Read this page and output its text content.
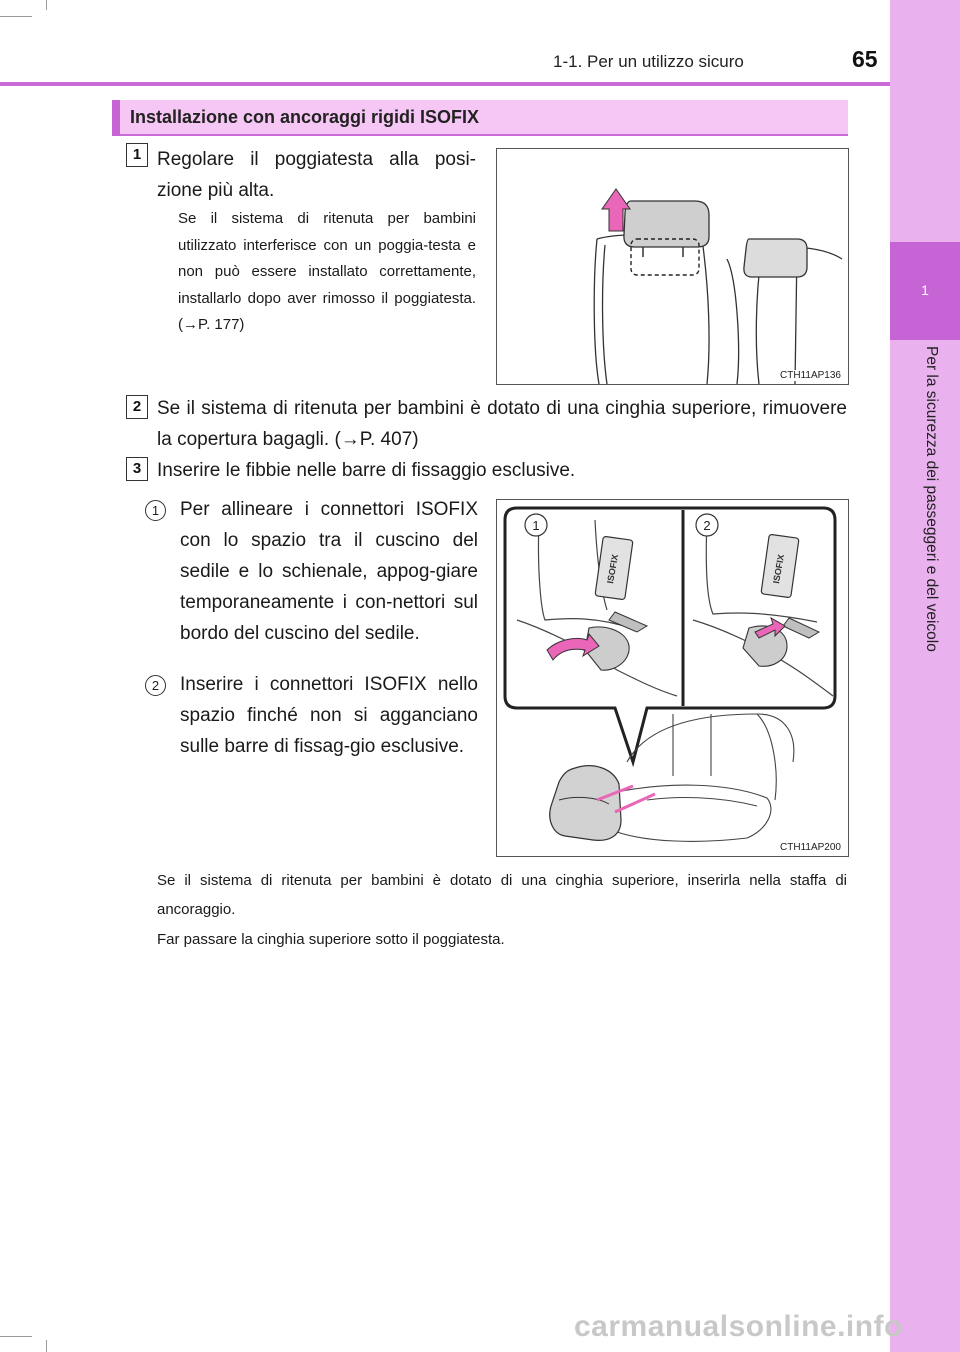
1-1. Per un utilizzo sicuro	65
1
Per la sicurezza dei passeggeri e del veicolo
Installazione con ancoraggi rigidi ISOFIX
1 Regolare il poggiatesta alla posi-zione più alta.
Se il sistema di ritenuta per bambini utilizzato interferisce con un poggia-testa e non può essere installato correttamente, installarlo dopo aver rimosso il poggiatesta. (→P. 177)
CTH11AP136
2 Se il sistema di ritenuta per bambini è dotato di una cinghia superiore, rimuovere la copertura bagagli. (→P. 407)
3 Inserire le fibbie nelle barre di fissaggio esclusive.
1	Per allineare i connettori ISOFIX con lo spazio tra il cuscino del sedile e lo schienale, appog-giare temporaneamente i con-nettori sul bordo del cuscino del sedile.
2	Inserire i connettori ISOFIX nello spazio finché non si agganciano sulle barre di fissag-gio esclusive.
ISOFIX	ISOFIX
1	2
CTH11AP200
Se il sistema di ritenuta per bambini è dotato di una cinghia superiore, inserirla nella staffa di ancoraggio.
Far passare la cinghia superiore sotto il poggiatesta.
carmanualsonline.info
